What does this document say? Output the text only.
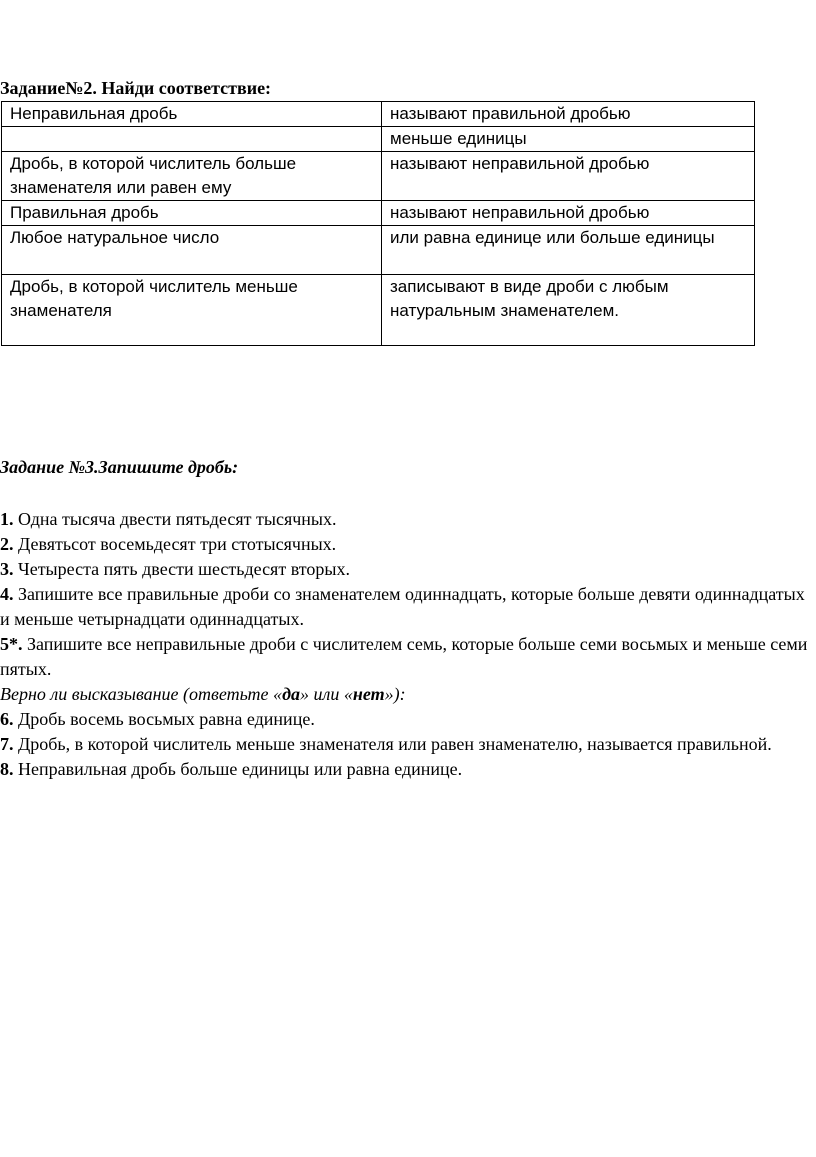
Задание№2. Найди соответствие:
Неправильная дробь	называют правильной дробью
	меньше единицы
Дробь, в которой числитель больше знаменателя или равен ему	называют неправильной дробью
Правильная дробь	называют неправильной дробью
Любое натуральное число	или равна единице или больше единицы
Дробь, в которой числитель меньше знаменателя	записывают в виде дроби с любым натуральным знаменателем.
Задание №3.Запишите дробь:

1. Одна тысяча двести пятьдесят тысячных.

2. Девятьсот восемьдесят три стотысячных.

3. Четыреста пять двести шестьдесят вторых.

4. Запишите все правильные дроби со знаменателем одиннадцать, которые больше девяти одиннадцатых и меньше четырнадцати одиннадцатых.

5*. Запишите все неправильные дроби с числителем семь, которые больше семи восьмых и меньше семи пятых.

Верно ли высказывание (ответьте «да» или «нет»):

6. Дробь восемь восьмых равна единице.

7. Дробь, в которой числитель меньше знаменателя или равен знаменателю, называется правильной.

8. Неправильная дробь больше единицы или равна единице.
